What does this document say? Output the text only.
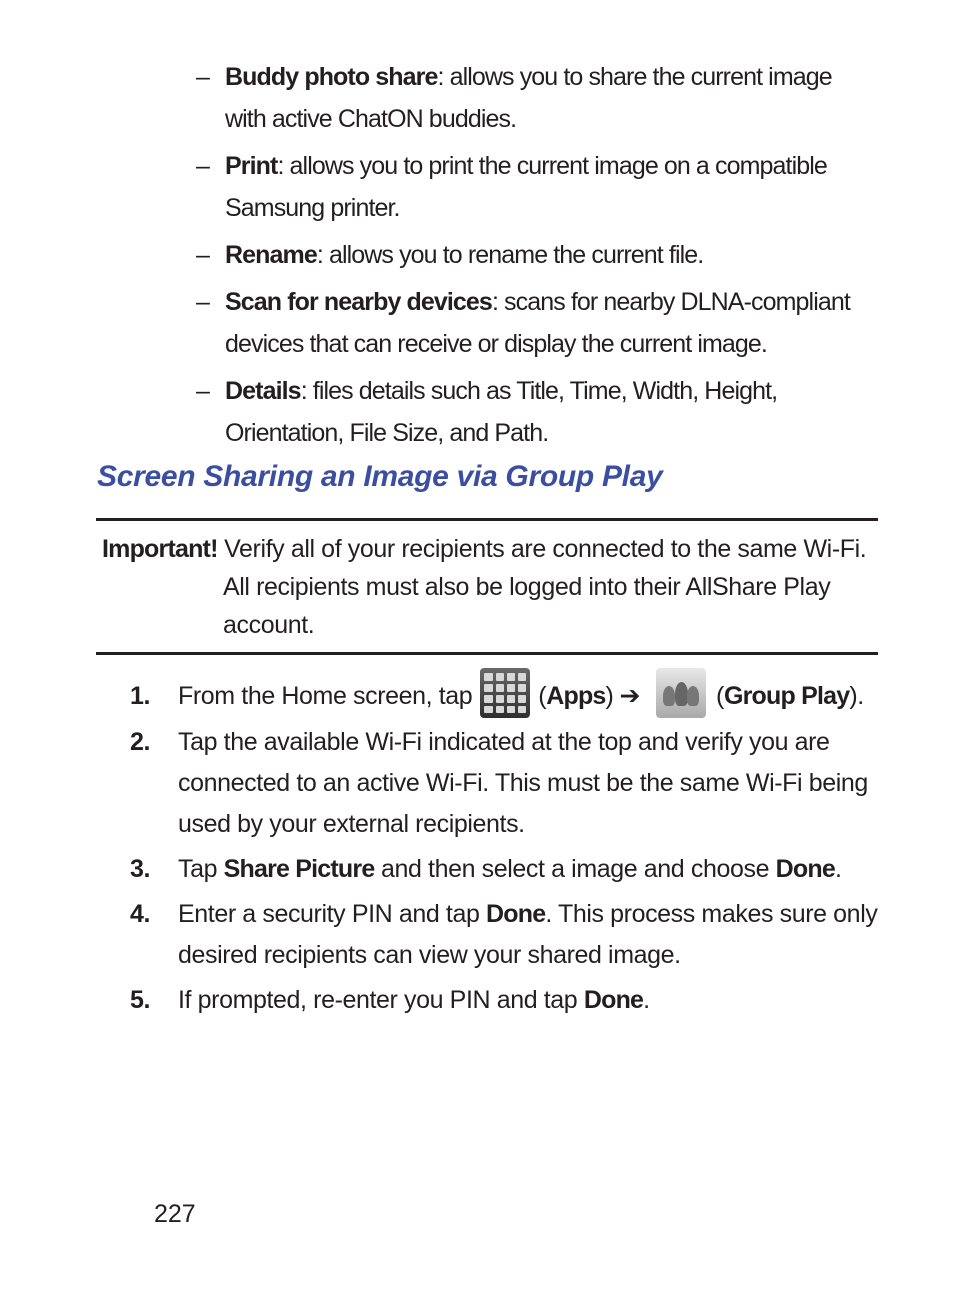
– Buddy photo share: allows you to share the current image with active ChatON buddies.
– Print: allows you to print the current image on a compatible Samsung printer.
– Rename: allows you to rename the current file.
– Scan for nearby devices: scans for nearby DLNA-compliant devices that can receive or display the current image.
– Details: files details such as Title, Time, Width, Height, Orientation, File Size, and Path.
Screen Sharing an Image via Group Play
Important! Verify all of your recipients are connected to the same Wi-Fi. All recipients must also be logged into their AllShare Play account.
1. From the Home screen, tap	(Apps) ➔	(Group Play).
2. Tap the available Wi-Fi indicated at the top and verify you are connected to an active Wi-Fi. This must be the same Wi-Fi being used by your external recipients.
3. Tap Share Picture and then select a image and choose Done.
4. Enter a security PIN and tap Done. This process makes sure only desired recipients can view your shared image.
5. If prompted, re-enter you PIN and tap Done.
227
